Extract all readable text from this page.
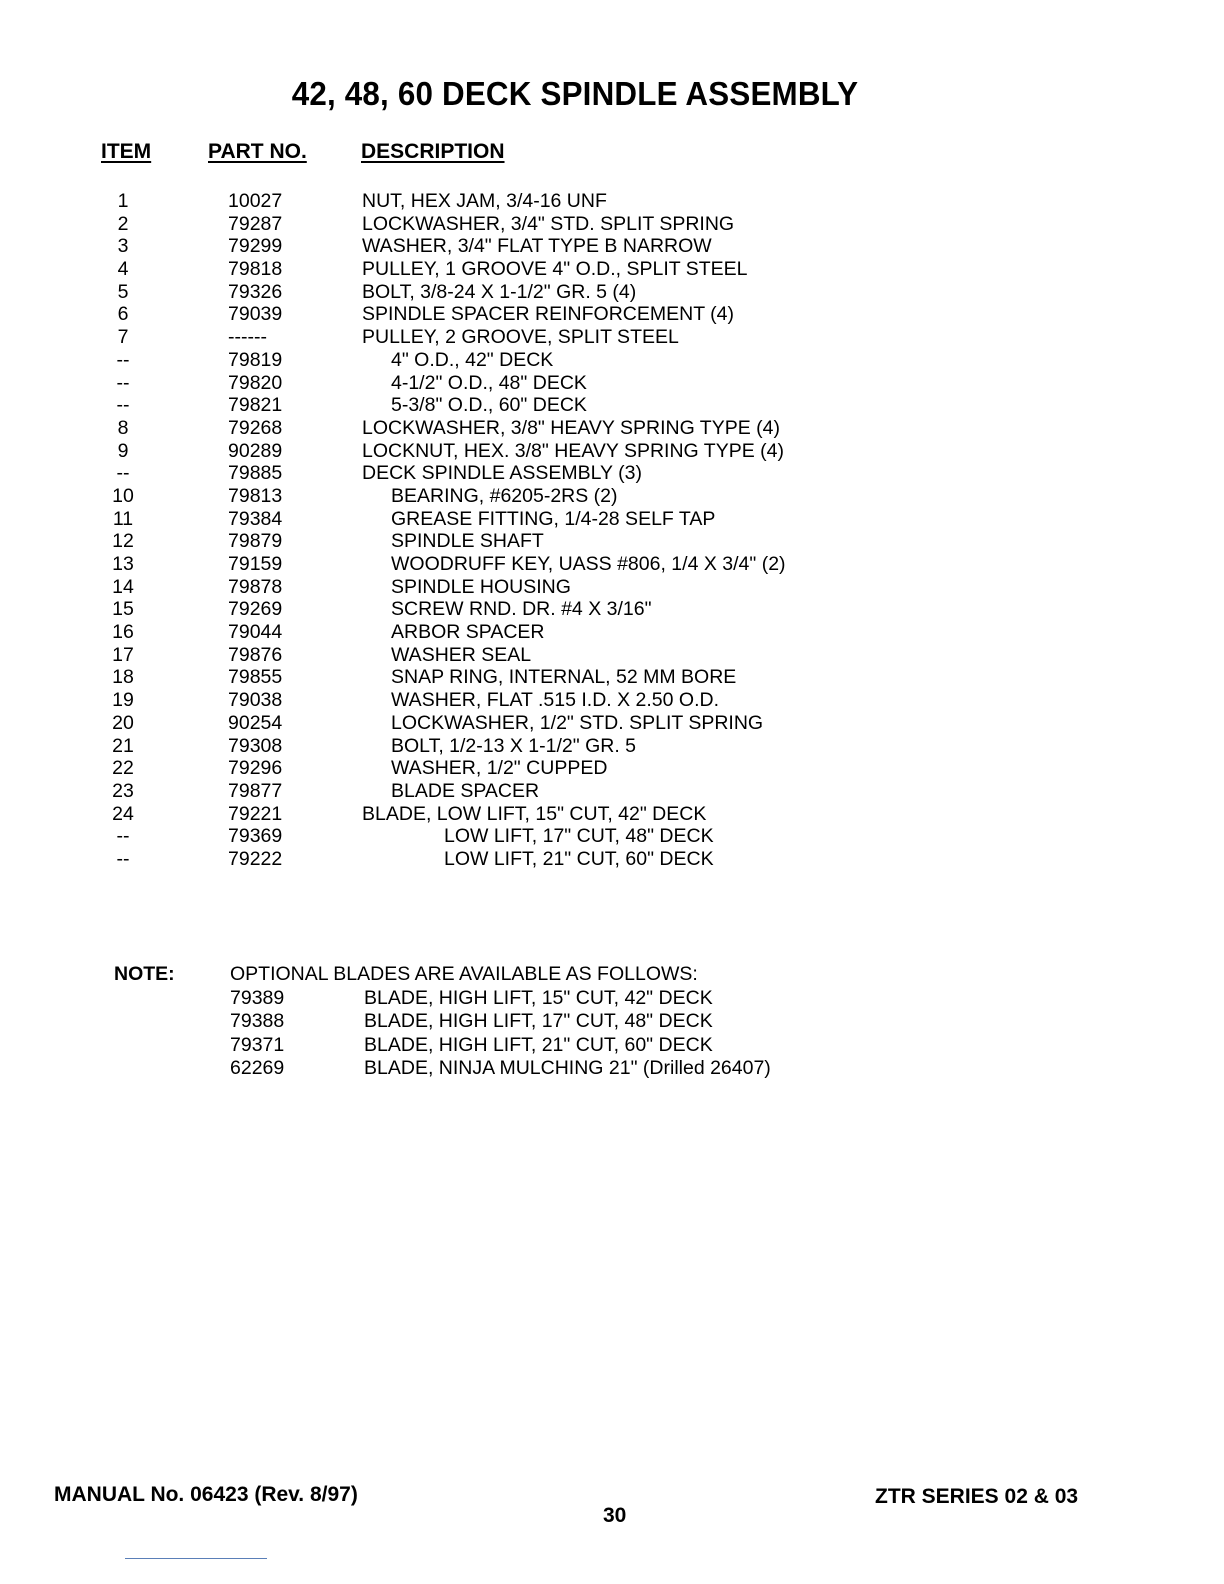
42, 48, 60 DECK SPINDLE ASSEMBLY
ITEM	PART NO.	DESCRIPTION
1	10027	NUT, HEX JAM, 3/4-16 UNF
2	79287	LOCKWASHER, 3/4" STD. SPLIT SPRING
3	79299	WASHER, 3/4" FLAT TYPE B NARROW
4	79818	PULLEY, 1 GROOVE 4" O.D., SPLIT STEEL
5	79326	BOLT, 3/8-24 X 1-1/2" GR. 5 (4)
6	79039	SPINDLE SPACER REINFORCEMENT (4)
7	------	PULLEY, 2 GROOVE, SPLIT STEEL
--	79819	4" O.D., 42" DECK
--	79820	4-1/2" O.D., 48" DECK
--	79821	5-3/8" O.D., 60" DECK
8	79268	LOCKWASHER, 3/8" HEAVY SPRING TYPE (4)
9	90289	LOCKNUT, HEX. 3/8" HEAVY SPRING TYPE (4)
--	79885	DECK SPINDLE ASSEMBLY (3)
10	79813	BEARING, #6205-2RS (2)
11	79384	GREASE FITTING, 1/4-28 SELF TAP
12	79879	SPINDLE SHAFT
13	79159	WOODRUFF KEY, UASS #806, 1/4 X 3/4" (2)
14	79878	SPINDLE HOUSING
15	79269	SCREW RND. DR. #4 X 3/16"
16	79044	ARBOR SPACER
17	79876	WASHER SEAL
18	79855	SNAP RING, INTERNAL, 52 MM BORE
19	79038	WASHER, FLAT .515 I.D. X 2.50 O.D.
20	90254	LOCKWASHER, 1/2" STD. SPLIT SPRING
21	79308	BOLT, 1/2-13 X 1-1/2" GR. 5
22	79296	WASHER, 1/2" CUPPED
23	79877	BLADE SPACER
24	79221	BLADE, LOW LIFT, 15" CUT, 42" DECK
--	79369	LOW LIFT, 17" CUT, 48" DECK
--	79222	LOW LIFT, 21" CUT, 60" DECK
NOTE:	OPTIONAL BLADES ARE AVAILABLE AS FOLLOWS:
79389	BLADE, HIGH LIFT, 15" CUT, 42" DECK
79388	BLADE, HIGH LIFT, 17" CUT, 48" DECK
79371	BLADE, HIGH LIFT, 21" CUT, 60" DECK
62269	BLADE, NINJA MULCHING 21" (Drilled 26407)
MANUAL No. 06423 (Rev. 8/97)
30
ZTR SERIES 02 & 03
